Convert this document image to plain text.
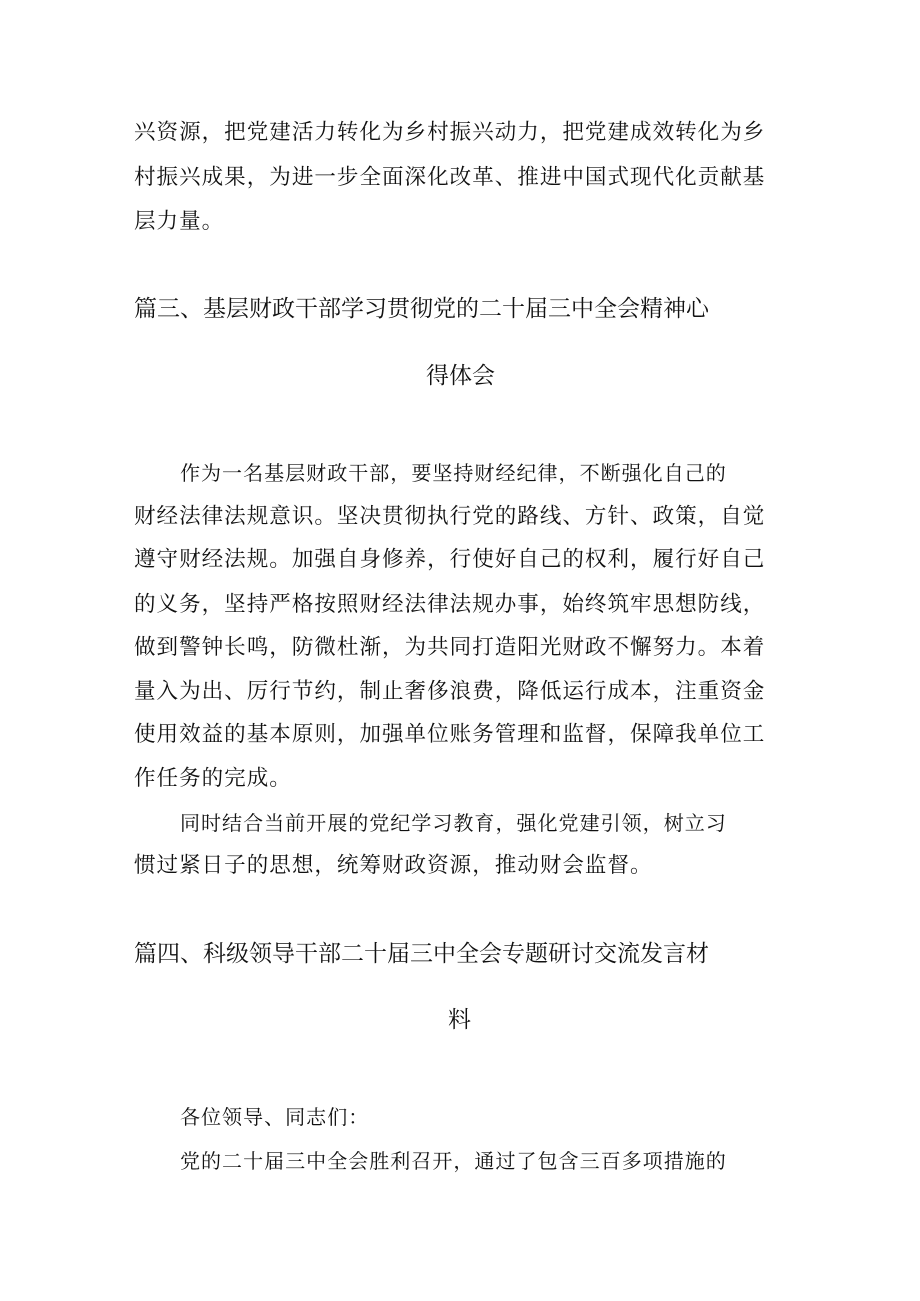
兴资源，把党建活力转化为乡村振兴动力，把党建成效转化为乡
村振兴成果，为进一步全面深化改革、推进中国式现代化贡献基
层力量。
篇三、基层财政干部学习贯彻党的二十届三中全会精神心
得体会
作为一名基层财政干部，要坚持财经纪律，不断强化自己的
财经法律法规意识。坚决贯彻执行党的路线、方针、政策，自觉
遵守财经法规。加强自身修养，行使好自己的权利，履行好自己
的义务，坚持严格按照财经法律法规办事，始终筑牢思想防线，
做到警钟长鸣，防微杜渐，为共同打造阳光财政不懈努力。本着
量入为出、厉行节约，制止奢侈浪费，降低运行成本，注重资金
使用效益的基本原则，加强单位账务管理和监督，保障我单位工
作任务的完成。
同时结合当前开展的党纪学习教育，强化党建引领，树立习
惯过紧日子的思想，统筹财政资源，推动财会监督。
篇四、科级领导干部二十届三中全会专题研讨交流发言材
料
各位领导、同志们：
党的二十届三中全会胜利召开，通过了包含三百多项措施的
